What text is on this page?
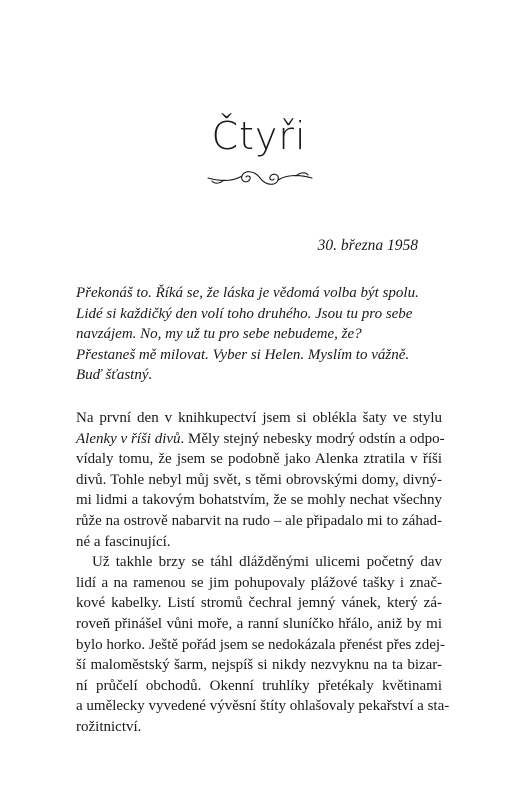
Čtyři

30. března 1958

Překonáš to. Říká se, že láska je vědomá volba být spolu.
Lidé si každičký den volí toho druhého. Jsou tu pro sebe
navzájem. No, my už tu pro sebe nebudeme, že?
Přestaneš mě milovat. Vyber si Helen. Myslím to vážně.
Buď šťastný.
Na první den v knihkupectví jsem si oblékla šaty ve stylu
Alenky v říši divů. Měly stejný nebesky modrý odstín a odpo-
vídaly tomu, že jsem se podobně jako Alenka ztratila v říši
divů. Tohle nebyl můj svět, s těmi obrovskými domy, divný-
mi lidmi a takovým bohatstvím, že se mohly nechat všechny
růže na ostrově nabarvit na rudo – ale připadalo mi to záhad-
né a fascinující.
Už takhle brzy se táhl dlážděnými ulicemi početný dav
lidí a na ramenou se jim pohupovaly plážové tašky i znač-
kové kabelky. Listí stromů čechral jemný vánek, který zá-
roveň přinášel vůni moře, a ranní sluníčko hřálo, aniž by mi
bylo horko. Ještě pořád jsem se nedokázala přenést přes zdej-
ší maloměstský šarm, nejspíš si nikdy nezvyknu na ta bizar-
ní průčelí obchodů. Okenní truhlíky přetékaly květinami
a umělecky vyvedené vývěsní štíty ohlašovaly pekařství a sta-
rožitnictví.
